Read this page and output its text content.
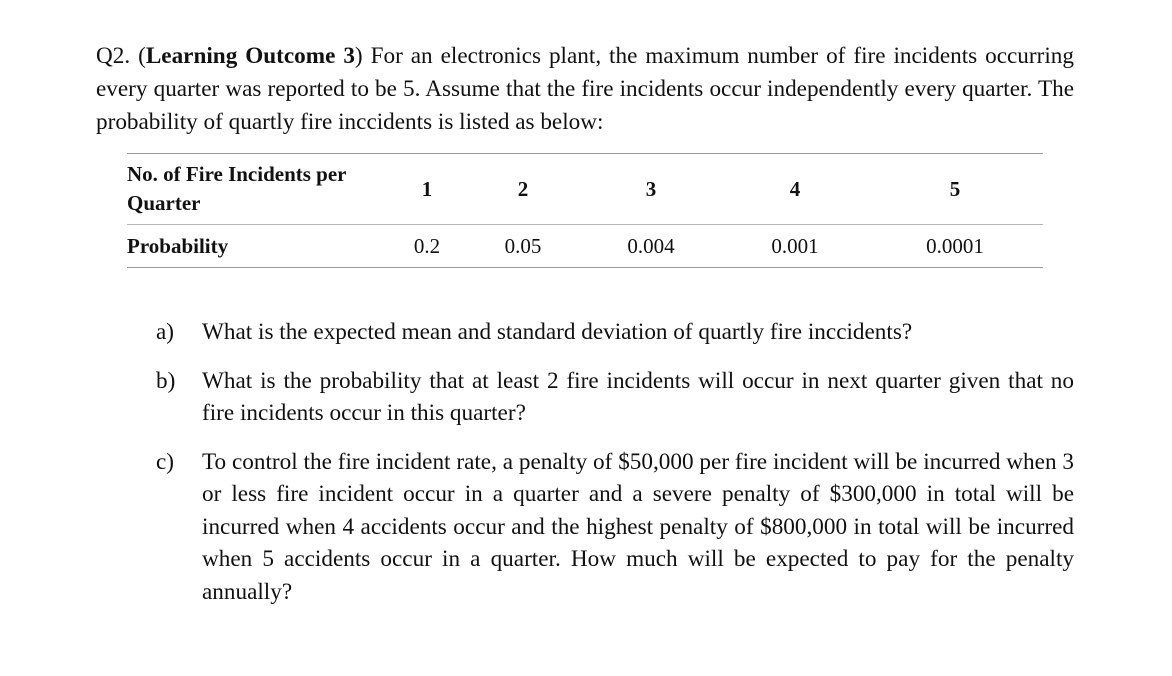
Q2. (Learning Outcome 3) For an electronics plant, the maximum number of fire incidents occurring every quarter was reported to be 5. Assume that the fire incidents occur independently every quarter. The probability of quartly fire inccidents is listed as below:
No. of Fire Incidents per Quarter	1	2	3	4	5
Probability	0.2	0.05	0.004	0.001	0.0001
a)	What is the expected mean and standard deviation of quartly fire inccidents?
b)	What is the probability that at least 2 fire incidents will occur in next quarter given that no fire incidents occur in this quarter?
c)	To control the fire incident rate, a penalty of $50,000 per fire incident will be incurred when 3 or less fire incident occur in a quarter and a severe penalty of $300,000 in total will be incurred when 4 accidents occur and the highest penalty of $800,000 in total will be incurred when 5 accidents occur in a quarter. How much will be expected to pay for the penalty annually?
